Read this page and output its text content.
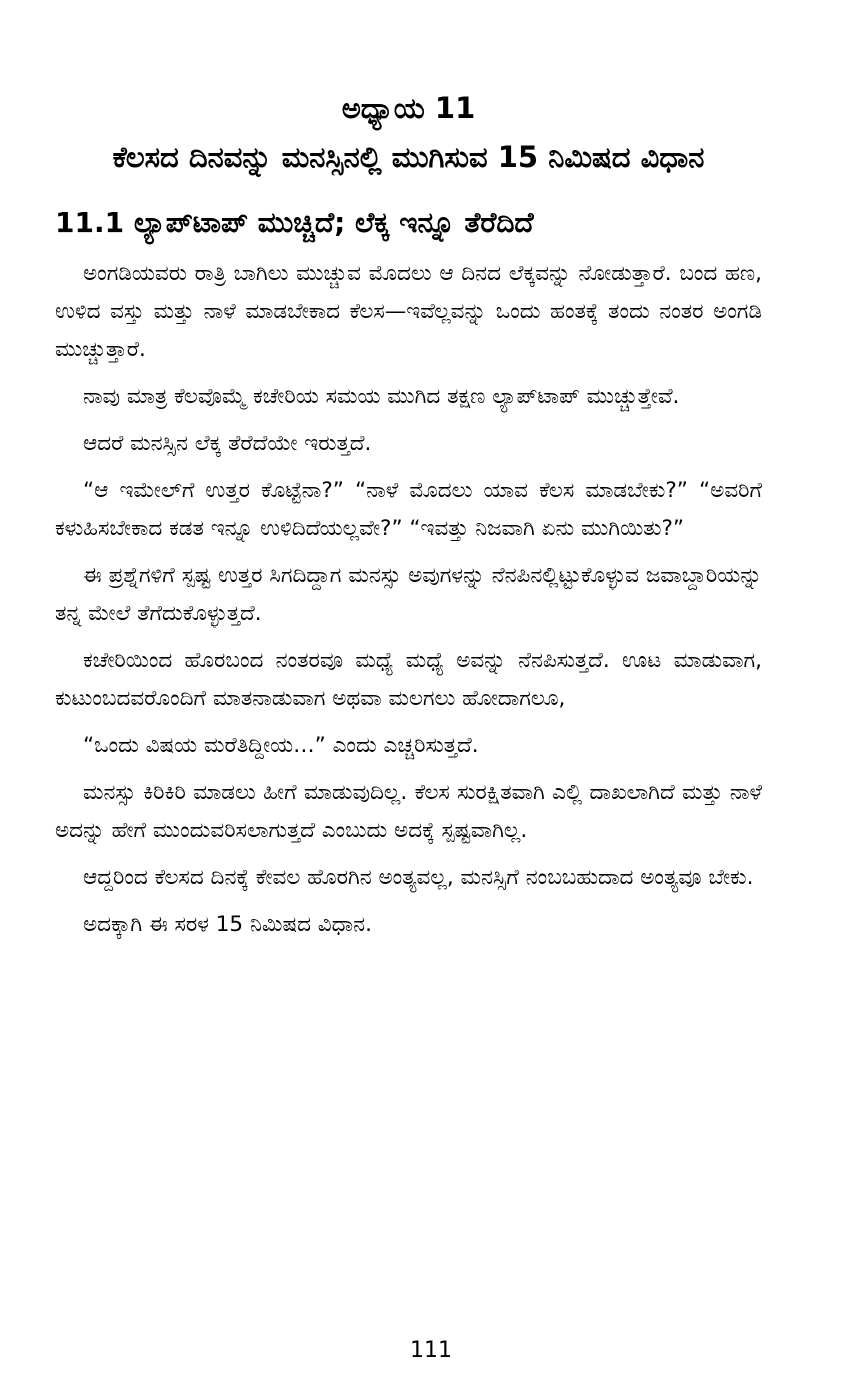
ಅಧ್ಯಾಯ 11
ಕೆಲಸದ ದಿನವನ್ನು ಮನಸ್ಸಿನಲ್ಲಿ ಮುಗಿಸುವ 15 ನಿಮಿಷದ ವಿಧಾನ
11.1 ಲ್ಯಾಪ್‌ಟಾಪ್ ಮುಚ್ಚಿದೆ; ಲೆಕ್ಕ ಇನ್ನೂ ತೆರೆದಿದೆ

ಅಂಗಡಿಯವರು ರಾತ್ರಿ ಬಾಗಿಲು ಮುಚ್ಚುವ ಮೊದಲು ಆ ದಿನದ ಲೆಕ್ಕವನ್ನು ನೋಡುತ್ತಾರೆ. ಬಂದ ಹಣ, ಉಳಿದ ವಸ್ತು ಮತ್ತು ನಾಳೆ ಮಾಡಬೇಕಾದ ಕೆಲಸ—ಇವೆಲ್ಲವನ್ನು ಒಂದು ಹಂತಕ್ಕೆ ತಂದು ನಂತರ ಅಂಗಡಿ ಮುಚ್ಚುತ್ತಾರೆ.

ನಾವು ಮಾತ್ರ ಕೆಲವೊಮ್ಮೆ ಕಚೇರಿಯ ಸಮಯ ಮುಗಿದ ತಕ್ಷಣ ಲ್ಯಾಪ್‌ಟಾಪ್ ಮುಚ್ಚುತ್ತೇವೆ.

ಆದರೆ ಮನಸ್ಸಿನ ಲೆಕ್ಕ ತೆರೆದೆಯೇ ಇರುತ್ತದೆ.

“ಆ ಇಮೇಲ್‌ಗೆ ಉತ್ತರ ಕೊಟ್ಟೆನಾ?” “ನಾಳೆ ಮೊದಲು ಯಾವ ಕೆಲಸ ಮಾಡಬೇಕು?” “ಅವರಿಗೆ ಕಳುಹಿಸಬೇಕಾದ ಕಡತ ಇನ್ನೂ ಉಳಿದಿದೆಯಲ್ಲವೇ?” “ಇವತ್ತು ನಿಜವಾಗಿ ಏನು ಮುಗಿಯಿತು?”

ಈ ಪ್ರಶ್ನೆಗಳಿಗೆ ಸ್ಪಷ್ಟ ಉತ್ತರ ಸಿಗದಿದ್ದಾಗ ಮನಸ್ಸು ಅವುಗಳನ್ನು ನೆನಪಿನಲ್ಲಿಟ್ಟುಕೊಳ್ಳುವ ಜವಾಬ್ದಾರಿಯನ್ನು ತನ್ನ ಮೇಲೆ ತೆಗೆದುಕೊಳ್ಳುತ್ತದೆ.

ಕಚೇರಿಯಿಂದ ಹೊರಬಂದ ನಂತರವೂ ಮಧ್ಯೆ ಮಧ್ಯೆ ಅವನ್ನು ನೆನಪಿಸುತ್ತದೆ. ಊಟ ಮಾಡುವಾಗ, ಕುಟುಂಬದವರೊಂದಿಗೆ ಮಾತನಾಡುವಾಗ ಅಥವಾ ಮಲಗಲು ಹೋದಾಗಲೂ,

“ಒಂದು ವಿಷಯ ಮರೆತಿದ್ದೀಯ…” ಎಂದು ಎಚ್ಚರಿಸುತ್ತದೆ.

ಮನಸ್ಸು ಕಿರಿಕಿರಿ ಮಾಡಲು ಹೀಗೆ ಮಾಡುವುದಿಲ್ಲ. ಕೆಲಸ ಸುರಕ್ಷಿತವಾಗಿ ಎಲ್ಲಿ ದಾಖಲಾಗಿದೆ ಮತ್ತು ನಾಳೆ ಅದನ್ನು ಹೇಗೆ ಮುಂದುವರಿಸಲಾಗುತ್ತದೆ ಎಂಬುದು ಅದಕ್ಕೆ ಸ್ಪಷ್ಟವಾಗಿಲ್ಲ.

ಆದ್ದರಿಂದ ಕೆಲಸದ ದಿನಕ್ಕೆ ಕೇವಲ ಹೊರಗಿನ ಅಂತ್ಯವಲ್ಲ, ಮನಸ್ಸಿಗೆ ನಂಬಬಹುದಾದ ಅಂತ್ಯವೂ ಬೇಕು.

ಅದಕ್ಕಾಗಿ ಈ ಸರಳ 15 ನಿಮಿಷದ ವಿಧಾನ.

111
